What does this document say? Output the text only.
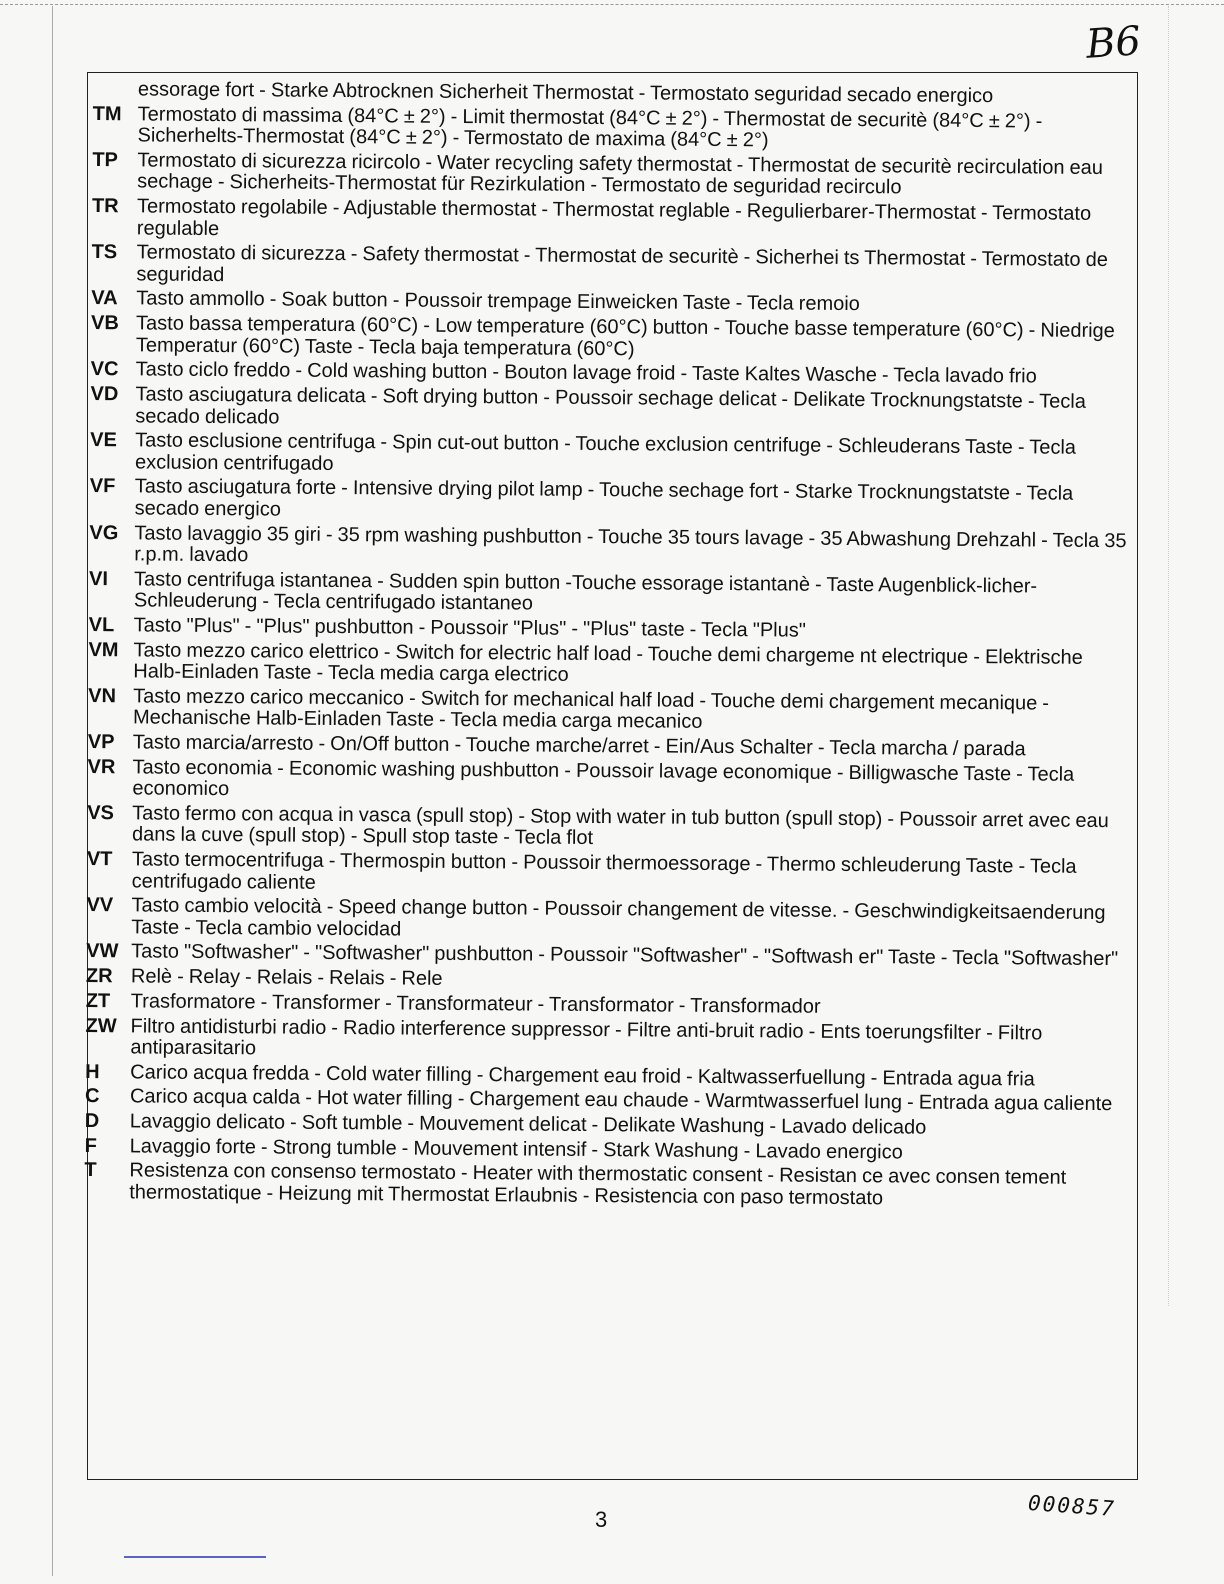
B6
essorage fort - Starke Abtrocknen Sicherheit Thermostat - Termostato seguridad secado energico
TM Termostato di massima (84°C ± 2°) - Limit thermostat (84°C ± 2°) - Thermostat de securitè (84°C ± 2°) - Sicherhelts-Thermostat (84°C ± 2°) - Termostato de maxima (84°C ± 2°)
TP Termostato di sicurezza ricircolo - Water recycling safety thermostat - Thermostat de securitè recirculation eau sechage - Sicherheits-Thermostat für Rezirkulation - Termostato de seguridad recirculo
TR Termostato regolabile - Adjustable thermostat - Thermostat reglable - Regulierbarer-Thermostat - Termostato regulable
TS Termostato di sicurezza - Safety thermostat - Thermostat de securitè - Sicherhei ts Thermostat - Termostato de seguridad
VA Tasto ammollo - Soak button - Poussoir trempage Einweicken Taste - Tecla remoio
VB Tasto bassa temperatura (60°C) - Low temperature (60°C) button - Touche basse temperature (60°C) - Niedrige Temperatur (60°C) Taste - Tecla baja temperatura (60°C)
VC Tasto ciclo freddo - Cold washing button - Bouton lavage froid - Taste Kaltes Wasche - Tecla lavado frio
VD Tasto asciugatura delicata - Soft drying button - Poussoir sechage delicat - Delikate Trocknungstatste - Tecla secado delicado
VE Tasto esclusione centrifuga - Spin cut-out button - Touche exclusion centrifuge - Schleuderans Taste - Tecla exclusion centrifugado
VF Tasto asciugatura forte - Intensive drying pilot lamp - Touche sechage fort - Starke Trocknungstatste - Tecla secado energico
VG Tasto lavaggio 35 giri - 35 rpm washing pushbutton - Touche 35 tours lavage - 35 Abwashung Drehzahl - Tecla 35 r.p.m. lavado
VI	Tasto centrifuga istantanea - Sudden spin button -Touche essorage istantanè - Taste Augenblick-licher-Schleuderung - Tecla centrifugado istantaneo
VL Tasto "Plus" - "Plus" pushbutton - Poussoir "Plus" - "Plus" taste - Tecla "Plus"
VM Tasto mezzo carico elettrico - Switch for electric half load - Touche demi chargeme nt electrique - Elektrische Halb-Einladen Taste - Tecla media carga electrico
VN Tasto mezzo carico meccanico - Switch for mechanical half load - Touche demi chargement mecanique - Mechanische Halb-Einladen Taste - Tecla media carga mecanico
VP Tasto marcia/arresto - On/Off button - Touche marche/arret - Ein/Aus Schalter - Tecla marcha / parada
VR Tasto economia - Economic washing pushbutton - Poussoir lavage economique - Billigwasche Taste - Tecla economico
VS Tasto fermo con acqua in vasca (spull stop) - Stop with water in tub button (spull stop) - Poussoir arret avec eau dans la cuve (spull stop) - Spull stop taste - Tecla flot
VT Tasto termocentrifuga - Thermospin button - Poussoir thermoessorage - Thermo schleuderung Taste - Tecla centrifugado caliente
VV Tasto cambio velocità - Speed change button - Poussoir changement de vitesse. - Geschwindigkeitsaenderung Taste - Tecla cambio velocidad
VW Tasto "Softwasher" - "Softwasher" pushbutton - Poussoir "Softwasher" - "Softwash er" Taste - Tecla "Softwasher"
ZR Relè - Relay - Relais - Relais - Rele
ZT	Trasformatore - Transformer - Transformateur - Transformator - Transformador
ZW Filtro antidisturbi radio - Radio interference suppressor - Filtre anti-bruit radio - Ents toerungsfilter - Filtro antiparasitario
H	Carico acqua fredda - Cold water filling - Chargement eau froid - Kaltwasserfuellung - Entrada agua fria
C	Carico acqua calda - Hot water filling - Chargement eau chaude - Warmtwasserfuel lung - Entrada agua caliente
D	Lavaggio delicato - Soft tumble - Mouvement delicat - Delikate Washung - Lavado delicado
F	Lavaggio forte - Strong tumble - Mouvement intensif - Stark Washung - Lavado energico
T	Resistenza con consenso termostato - Heater with thermostatic consent - Resistan ce avec consen tement thermostatique - Heizung mit Thermostat Erlaubnis - Resistencia con paso termostato
3	000857
